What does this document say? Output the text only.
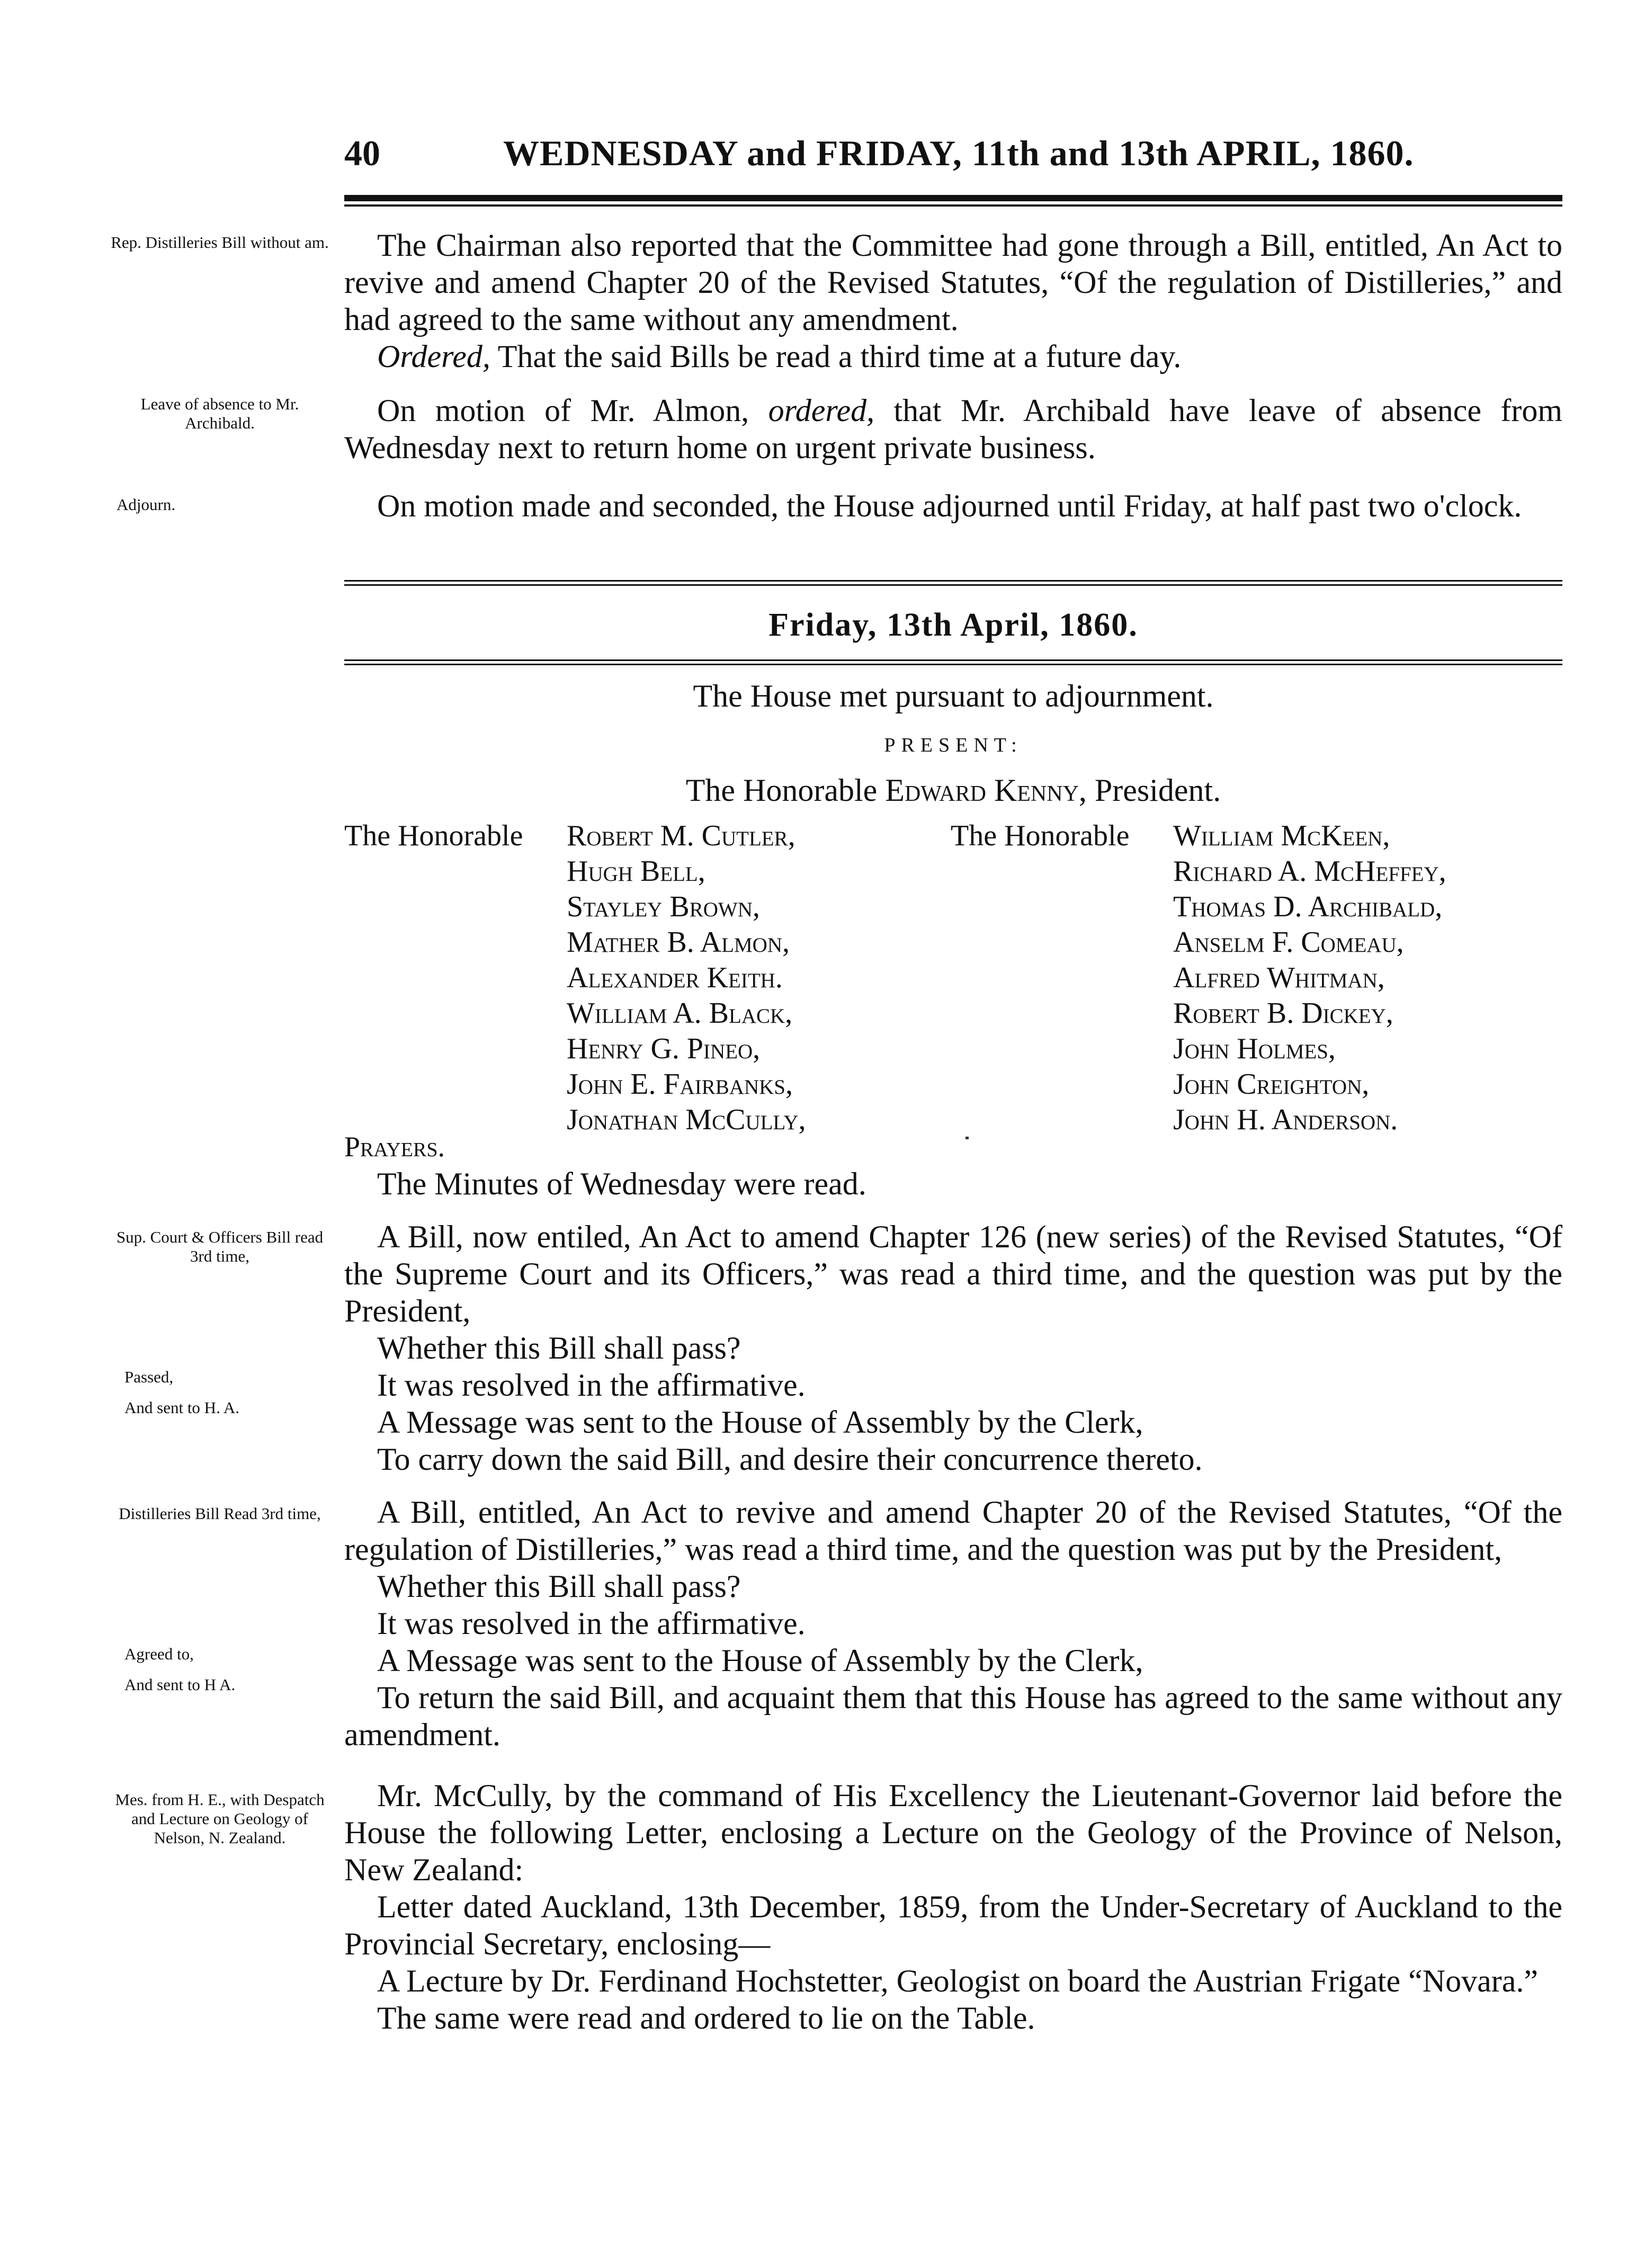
40	WEDNESDAY and FRIDAY, 11th and 13th APRIL, 1860.
Rep. Distilleries Bill without am.	The Chairman also reported that the Committee had gone through a Bill, entitled, An Act to revive and amend Chapter 20 of the Revised Statutes, “Of the regulation of Distilleries,” and had agreed to the same without any amendment.

Ordered, That the said Bills be read a third time at a future day.

Leave of absence to Mr. Archibald.	On motion of Mr. Almon, ordered, that Mr. Archibald have leave of absence from Wednesday next to return home on urgent private business.

Adjourn.	On motion made and seconded, the House adjourned until Friday, at half past two o'clock.

Friday, 13th April, 1860.
The House met pursuant to adjournment.
PRESENT:
The Honorable Edward Kenny, President.
The Honorable Robert M. Cutler,
Hugh Bell,
Stayley Brown,
Mather B. Almon,
Alexander Keith.
William A. Black,
Henry G. Pineo,
John E. Fairbanks,
Jonathan McCully,
The Honorable William McKeen,
Richard A. McHeffey,
Thomas D. Archibald,
Anselm F. Comeau,
Alfred Whitman,
Robert B. Dickey,
John Holmes,
John Creighton,
John H. Anderson.
Prayers.

The Minutes of Wednesday were read.

Sup. Court & Officers Bill read 3rd time,
Passed,
And sent to H. A.

A Bill, now entiled, An Act to amend Chapter 126 (new series) of the Revised Statutes, “Of the Supreme Court and its Officers,” was read a third time, and the question was put by the President,

Whether this Bill shall pass?

It was resolved in the affirmative.

A Message was sent to the House of Assembly by the Clerk,

To carry down the said Bill, and desire their concurrence thereto.

Distilleries Bill Read 3rd time,
Agreed to,
And sent to H A.

A Bill, entitled, An Act to revive and amend Chapter 20 of the Revised Statutes, “Of the regulation of Distilleries,” was read a third time, and the question was put by the President,

Whether this Bill shall pass?

It was resolved in the affirmative.

A Message was sent to the House of Assembly by the Clerk,

To return the said Bill, and acquaint them that this House has agreed to the same without any amendment.

Mes. from H. E., with Despatch and Lecture on Geology of Nelson, N. Zealand.

Mr. McCully, by the command of His Excellency the Lieutenant-Governor laid before the House the following Letter, enclosing a Lecture on the Geology of the Province of Nelson, New Zealand:

Letter dated Auckland, 13th December, 1859, from the Under-Secretary of Auckland to the Provincial Secretary, enclosing—

A Lecture by Dr. Ferdinand Hochstetter, Geologist on board the Austrian Frigate “Novara.”

The same were read and ordered to lie on the Table.
